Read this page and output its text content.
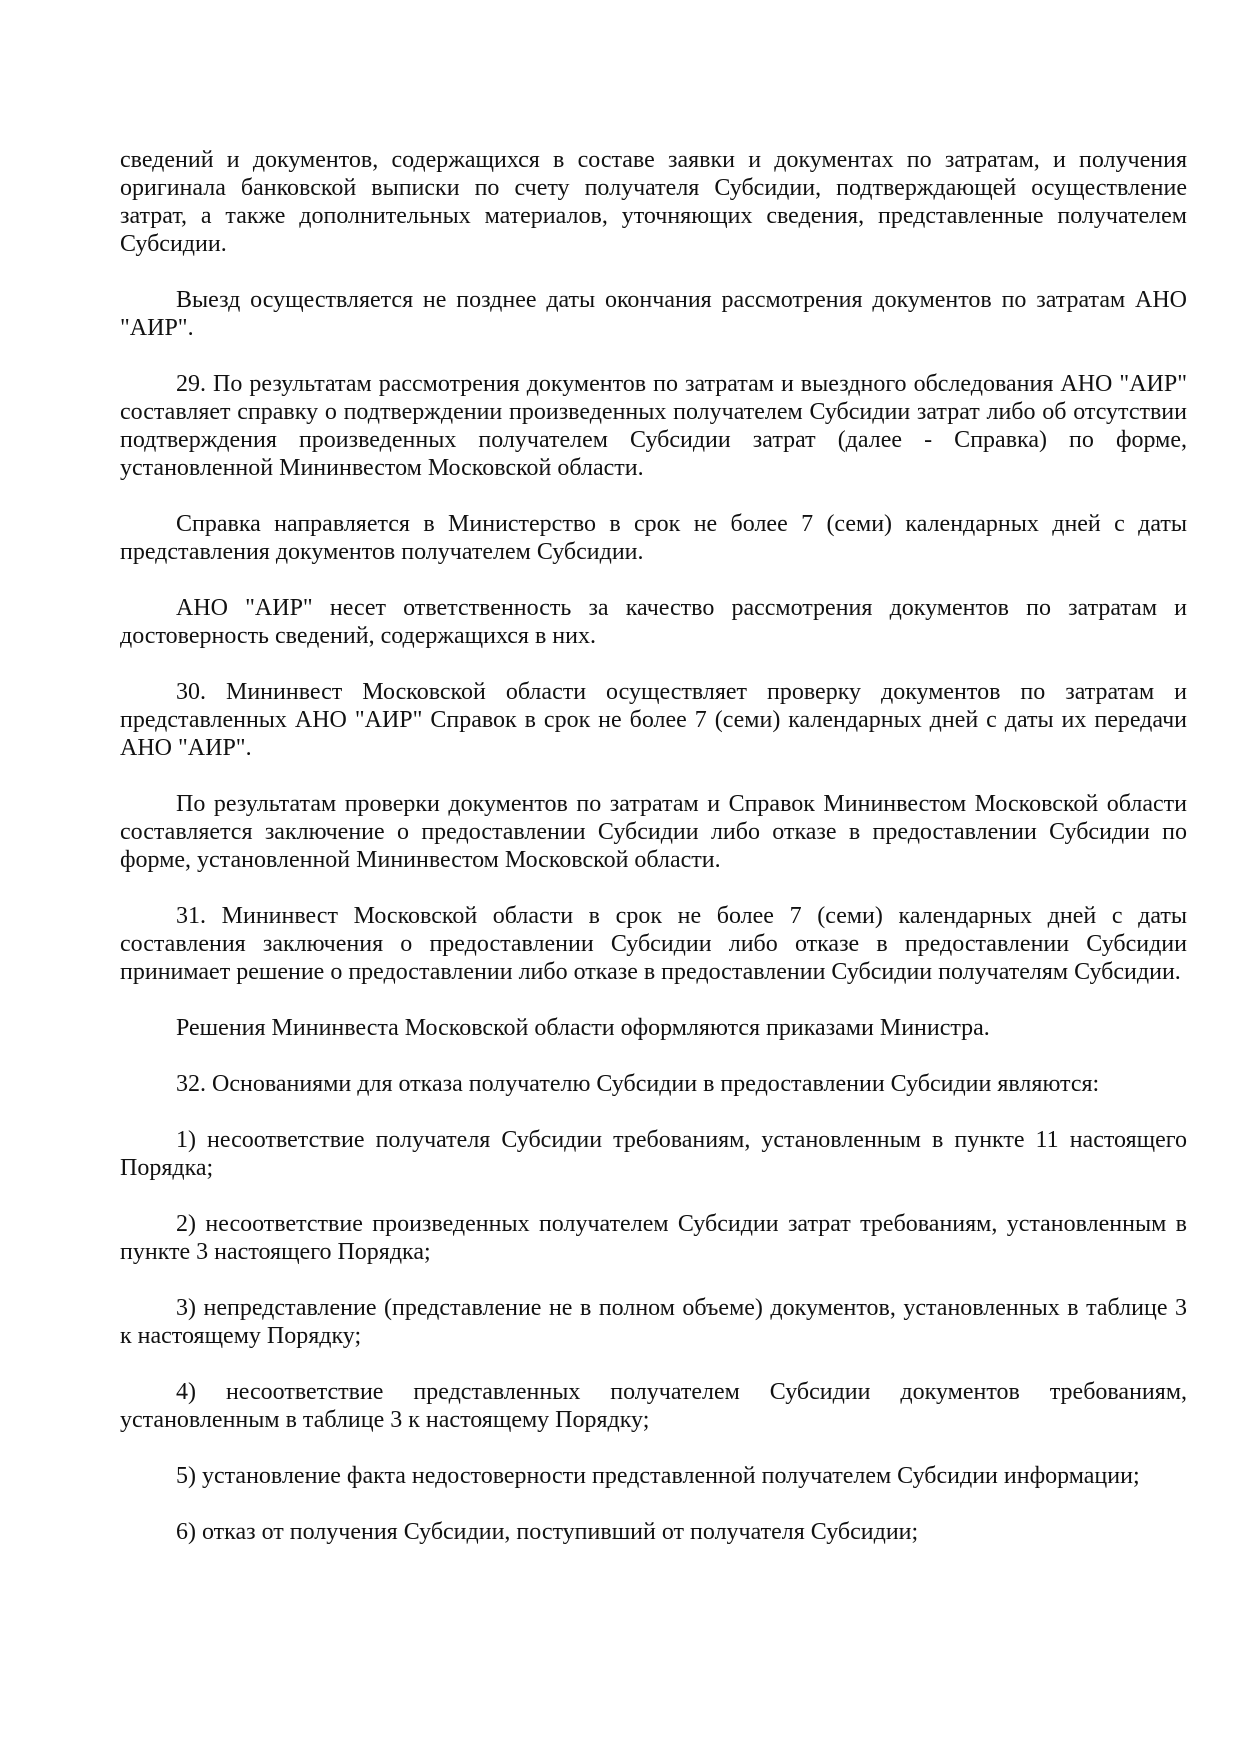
сведений и документов, содержащихся в составе заявки и документах по затратам, и получения оригинала банковской выписки по счету получателя Субсидии, подтверждающей осуществление затрат, а также дополнительных материалов, уточняющих сведения, представленные получателем Субсидии.

Выезд осуществляется не позднее даты окончания рассмотрения документов по затратам АНО "АИР".

29. По результатам рассмотрения документов по затратам и выездного обследования АНО "АИР" составляет справку о подтверждении произведенных получателем Субсидии затрат либо об отсутствии подтверждения произведенных получателем Субсидии затрат (далее - Справка) по форме, установленной Мининвестом Московской области.

Справка направляется в Министерство в срок не более 7 (семи) календарных дней с даты представления документов получателем Субсидии.

АНО "АИР" несет ответственность за качество рассмотрения документов по затратам и достоверность сведений, содержащихся в них.

30. Мининвест Московской области осуществляет проверку документов по затратам и представленных АНО "АИР" Справок в срок не более 7 (семи) календарных дней с даты их передачи АНО "АИР".

По результатам проверки документов по затратам и Справок Мининвестом Московской области составляется заключение о предоставлении Субсидии либо отказе в предоставлении Субсидии по форме, установленной Мининвестом Московской области.

31. Мининвест Московской области в срок не более 7 (семи) календарных дней с даты составления заключения о предоставлении Субсидии либо отказе в предоставлении Субсидии принимает решение о предоставлении либо отказе в предоставлении Субсидии получателям Субсидии.

Решения Мининвеста Московской области оформляются приказами Министра.

32. Основаниями для отказа получателю Субсидии в предоставлении Субсидии являются:

1) несоответствие получателя Субсидии требованиям, установленным в пункте 11 настоящего Порядка;

2) несоответствие произведенных получателем Субсидии затрат требованиям, установленным в пункте 3 настоящего Порядка;

3) непредставление (представление не в полном объеме) документов, установленных в таблице 3 к настоящему Порядку;

4) несоответствие представленных получателем Субсидии документов требованиям, установленным в таблице 3 к настоящему Порядку;

5) установление факта недостоверности представленной получателем Субсидии информации;

6) отказ от получения Субсидии, поступивший от получателя Субсидии;
